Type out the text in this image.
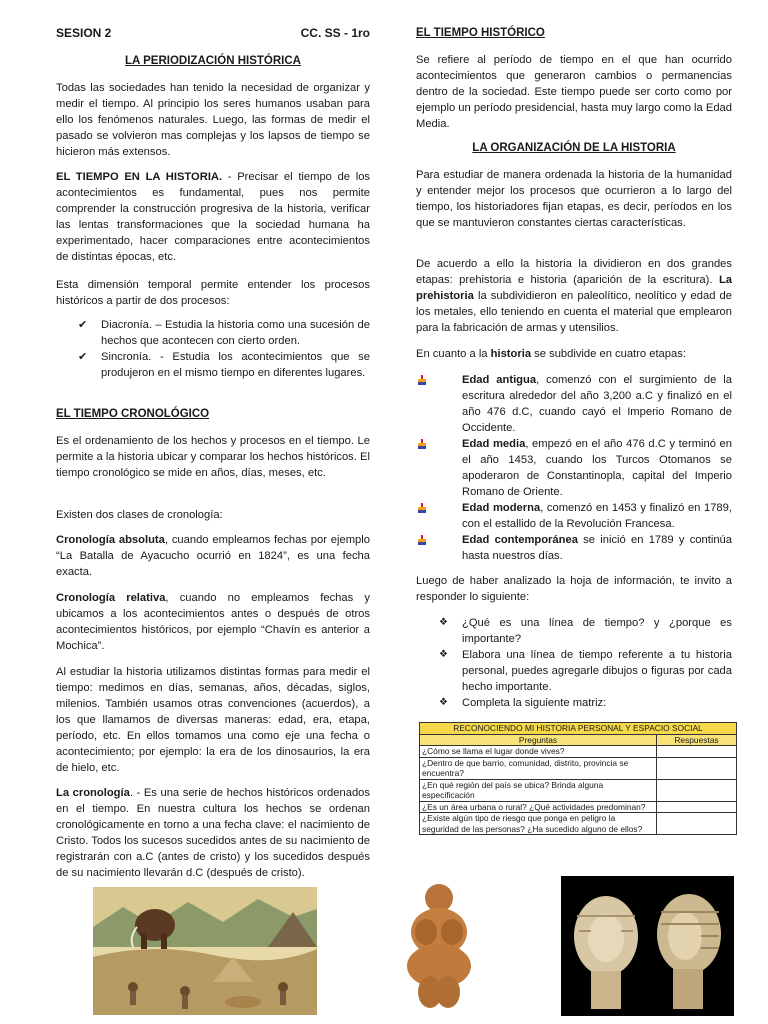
SESION 2	CC. SS - 1ro
LA PERIODIZACIÓN HISTÓRICA

Todas las sociedades han tenido la necesidad de organizar y medir el tiempo. Al principio los seres humanos usaban para ello los fenómenos naturales. Luego, las formas de medir el pasado se volvieron mas complejas y los lapsos de tiempo se hicieron más extensos.

EL TIEMPO EN LA HISTORIA. - Precisar el tiempo de los acontecimientos es fundamental, pues nos permite comprender la construcción progresiva de la historia, verificar las lentas transformaciones que la sociedad humana ha experimentado, hacer comparaciones entre acontecimientos de distintas épocas, etc.

Esta dimensión temporal permite entender los procesos históricos a partir de dos procesos:

✔ Diacronía. – Estudia la historia como una sucesión de hechos que acontecen con cierto orden.

✔ Sincronía. - Estudia los acontecimientos que se produjeron en el mismo tiempo en diferentes lugares.

EL TIEMPO CRONOLÓGICO

Es el ordenamiento de los hechos y procesos en el tiempo. Le permite a la historia ubicar y comparar los hechos históricos. El tiempo cronológico se mide en años, días, meses, etc.

Existen dos clases de cronología:

Cronología absoluta, cuando empleamos fechas por ejemplo “La Batalla de Ayacucho ocurrió en 1824”, es una fecha exacta.

Cronología relativa, cuando no empleamos fechas y ubicamos a los acontecimientos antes o después de otros acontecimientos históricos, por ejemplo “Chavín es anterior a Mochica”.

Al estudiar la historia utilizamos distintas formas para medir el tiempo: medimos en días, semanas, años, décadas, siglos, milenios. También usamos otras convenciones (acuerdos), a los que llamamos de diversas maneras: edad, era, etapa, período, etc. En ellos tomamos una como eje una fecha o acontecimiento; por ejemplo: la era de los dinosaurios, la era de hielo, etc.

La cronología. - Es una serie de hechos históricos ordenados en el tiempo. En nuestra cultura los hechos se ordenan cronológicamente en torno a una fecha clave: el nacimiento de Cristo. Todos los sucesos sucedidos antes de su nacimiento de registrarán con a.C (antes de cristo) y los sucedidos después de su nacimiento llevarán d.C (después de cristo).

EL TIEMPO HISTÓRICO

Se refiere al período de tiempo en el que han ocurrido acontecimientos que generaron cambios o permanencias dentro de la sociedad. Este tiempo puede ser corto como por ejemplo un período presidencial, hasta muy largo como la Edad Media.

LA ORGANIZACIÓN DE LA HISTORIA

Para estudiar de manera ordenada la historia de la humanidad y entender mejor los procesos que ocurrieron a lo largo del tiempo, los historiadores fijan etapas, es decir, períodos en los que se mantuvieron constantes ciertas características.

De acuerdo a ello la historia la dividieron en dos grandes etapas: prehistoria e historia (aparición de la escritura). La prehistoria la subdividieron en paleolítico, neolítico y edad de los metales, ello teniendo en cuenta el material que emplearon para la fabricación de armas y utensilios.

En cuanto a la historia se subdivide en cuatro etapas:

Edad antigua, comenzó con el surgimiento de la escritura alrededor del año 3,200 a.C y finalizó en el año 476 d.C, cuando cayó el Imperio Romano de Occidente.

Edad media, empezó en el año 476 d.C y terminó en el año 1453, cuando los Turcos Otomanos se apoderaron de Constantinopla, capital del Imperio Romano de Oriente.

Edad moderna, comenzó en 1453 y finalizó en 1789, con el estallido de la Revolución Francesa.

Edad contemporánea se inició en 1789 y continúa hasta nuestros días.

Luego de haber analizado la hoja de información, te invito a responder lo siguiente:

❖ ¿Qué es una línea de tiempo? y ¿porque es importante?

❖ Elabora una línea de tiempo referente a tu historia personal, puedes agregarle dibujos o figuras por cada hecho importante.

❖ Completa la siguiente matriz:

RECONOCIENDO MI HISTORIA PERSONAL Y ESPACIO SOCIAL	
Preguntas	Respuestas
¿Cómo se llama el lugar donde vives?	
¿Dentro de que barrio, comunidad, distrito, provincia se encuentra?	
¿En qué región del país se ubica? Brinda alguna especificación	
¿Es un área urbana o rural? ¿Qué actividades predominan?	
¿Existe algún tipo de riesgo que ponga en peligro la seguridad de las personas? ¿Ha sucedido alguno de ellos?	
